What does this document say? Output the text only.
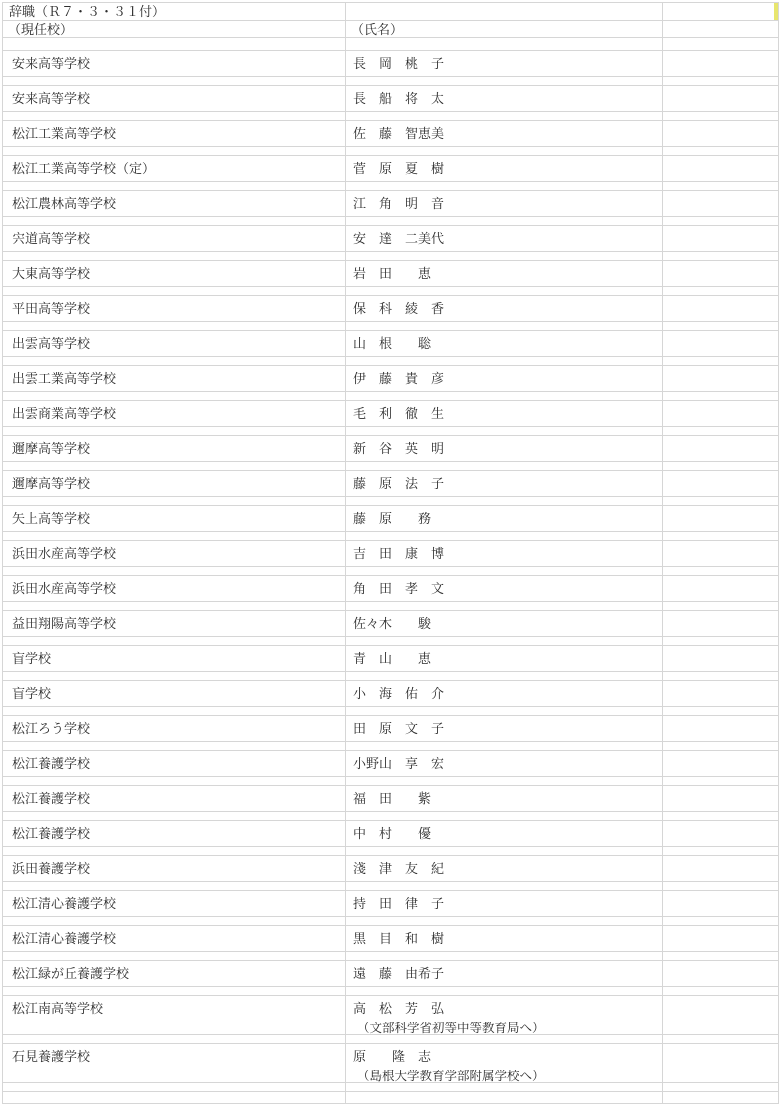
辞職（Ｒ７・３・３１付）
（現任校）	（氏名）
安来高等学校	長　岡　桃　子
安来高等学校	長　船　将　太
松江工業高等学校	佐　藤　智恵美
松江工業高等学校（定）	菅　原　夏　樹
松江農林高等学校	江　角　明　音
宍道高等学校	安　達　二美代
大東高等学校	岩　田　　恵
平田高等学校	保　科　綾　香
出雲高等学校	山　根　　聡
出雲工業高等学校	伊　藤　貴　彦
出雲商業高等学校	毛　利　徹　生
邇摩高等学校	新　谷　英　明
邇摩高等学校	藤　原　法　子
矢上高等学校	藤　原　　務
浜田水産高等学校	吉　田　康　博
浜田水産高等学校	角　田　孝　文
益田翔陽高等学校	佐々木　　駿
盲学校	青　山　　恵
盲学校	小　海　佑　介
松江ろう学校	田　原　文　子
松江養護学校	小野山　享　宏
松江養護学校	福　田　　紫
松江養護学校	中　村　　優
浜田養護学校	淺　津　友　紀
松江清心養護学校	持　田　律　子
松江清心養護学校	黒　目　和　樹
松江緑が丘養護学校	遠　藤　由希子
松江南高等学校	高　松　芳　弘
（文部科学省初等中等教育局へ）
石見養護学校	原　　隆　志
（島根大学教育学部附属学校へ）
